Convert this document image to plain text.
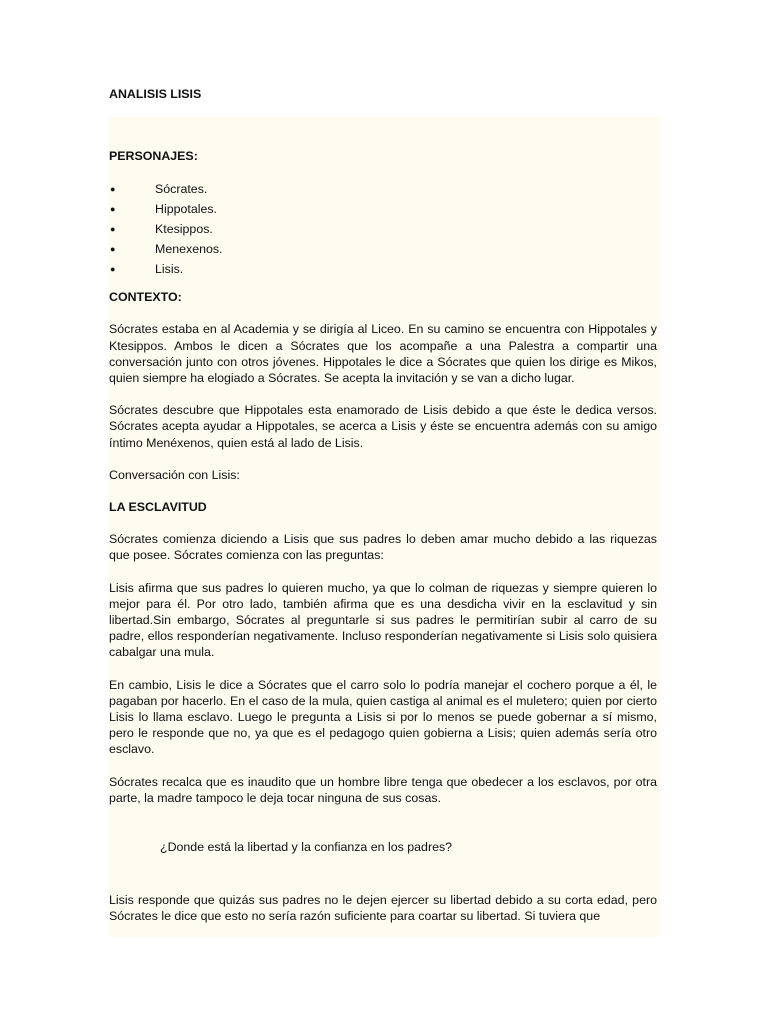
ANALISIS LISIS

PERSONAJES:

●	Sócrates.
●	Hippotales.
●	Ktesippos.
●	Menexenos.
●	Lisis.

CONTEXTO:

Sócrates estaba en al Academia y se dirigía al Liceo. En su camino se encuentra con Hippotales y Ktesippos. Ambos le dicen a Sócrates que los acompañe a una Palestra a compartir una conversación junto con otros jóvenes. Hippotales le dice a Sócrates que quien los dirige es Mikos, quien siempre ha elogiado a Sócrates. Se acepta la invitación y se van a dicho lugar.

Sócrates descubre que Hippotales esta enamorado de Lisis debido a que éste le dedica versos. Sócrates acepta ayudar a Hippotales, se acerca a Lisis y éste se encuentra además con su amigo íntimo Menéxenos, quien está al lado de Lisis.

Conversación con Lisis:

LA ESCLAVITUD

Sócrates comienza diciendo a Lisis que sus padres lo deben amar mucho debido a las riquezas que posee. Sócrates comienza con las preguntas:

Lisis afirma que sus padres lo quieren mucho, ya que lo colman de riquezas y siempre quieren lo mejor para él. Por otro lado, también afirma que es una desdicha vivir en la esclavitud y sin libertad.Sin embargo, Sócrates al preguntarle si sus padres le permitirían subir al carro de su padre, ellos responderían negativamente. Incluso responderían negativamente si Lisis solo quisiera cabalgar una mula.

En cambio, Lisis le dice a Sócrates que el carro solo lo podría manejar el cochero porque a él, le pagaban por hacerlo. En el caso de la mula, quien castiga al animal es el muletero; quien por cierto Lisis lo llama esclavo. Luego le pregunta a Lisis si por lo menos se puede gobernar a sí mismo, pero le responde que no, ya que es el pedagogo quien gobierna a Lisis; quien además sería otro esclavo.

Sócrates recalca que es inaudito que un hombre libre tenga que obedecer a los esclavos, por otra parte, la madre tampoco le deja tocar ninguna de sus cosas.

¿Donde está la libertad y la confianza en los padres?

Lisis responde que quizás sus padres no le dejen ejercer su libertad debido a su corta edad, pero Sócrates le dice que esto no sería razón suficiente para coartar su libertad. Si tuviera que
